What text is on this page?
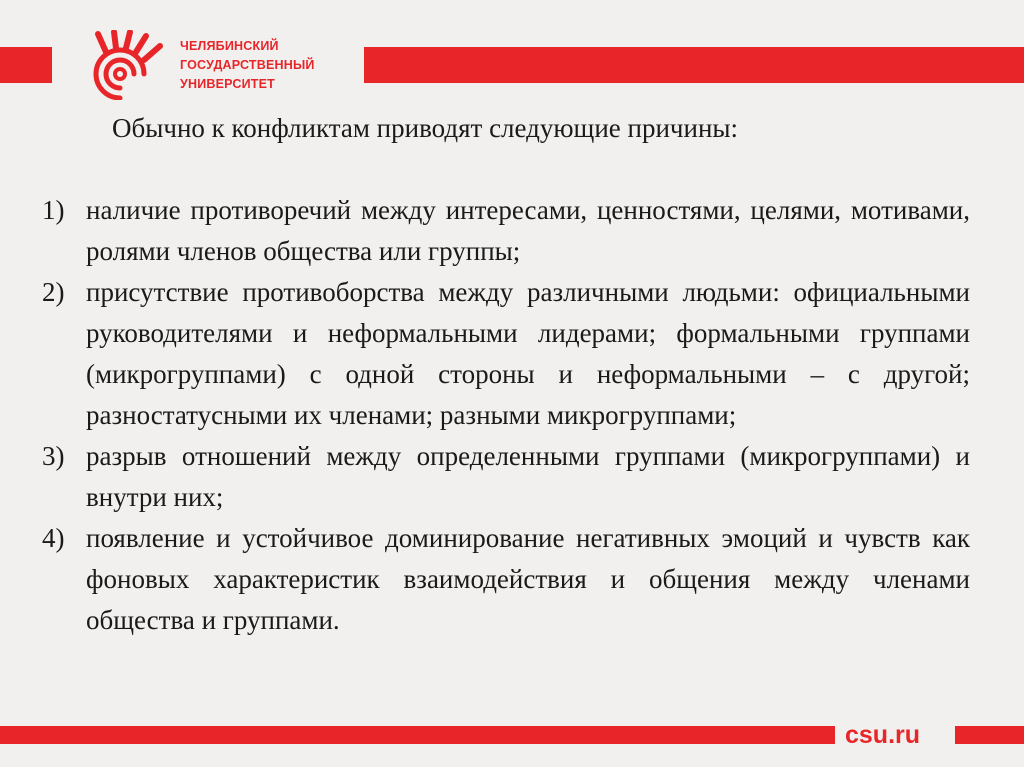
ЧЕЛЯБИНСКИЙ
ГОСУДАРСТВЕННЫЙ
УНИВЕРСИТЕТ
Обычно к конфликтам приводят следующие причины:
1) наличие противоречий между интересами, ценностями, целями, мотивами, ролями членов общества или группы;
2) присутствие противоборства между различными людьми: официальными руководителями и неформальными лидерами; формальными группами (микрогруппами) с одной стороны и неформальными – с другой; разностатусными их членами; разными микрогруппами;
3) разрыв отношений между определенными группами (микрогруппами) и внутри них;
4) появление и устойчивое доминирование негативных эмоций и чувств как фоновых характеристик взаимодействия и общения между членами общества и группами.
csu.ru
